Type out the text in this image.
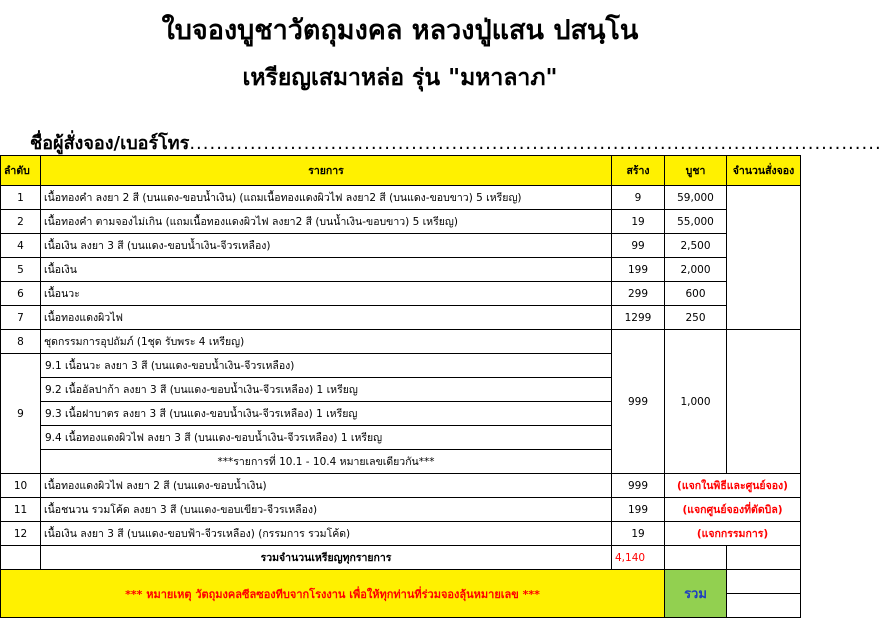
ใบจองบูชาวัตถุมงคล หลวงปู่แสน ปสนฺโน
เหรียญเสมาหล่อ รุ่น "มหาลาภ"
ชื่อผู้สั่งจอง/เบอร์โทร.......................................................................................................
ลำดับ	รายการ	สร้าง	บูชา	จำนวนสั่งจอง
1	เนื้อทองคำ ลงยา 2 สี (บนแดง-ขอบน้ำเงิน) (แถมเนื้อทองแดงผิวไฟ ลงยา2 สี (บนแดง-ขอบขาว) 5 เหรียญ)	9	59,000	
2	เนื้อทองคำ ตามจองไม่เกิน (แถมเนื้อทองแดงผิวไฟ ลงยา2 สี (บนน้ำเงิน-ขอบขาว) 5 เหรียญ)	19	55,000	
4	เนื้อเงิน ลงยา 3 สี (บนแดง-ขอบน้ำเงิน-จีวรเหลือง)	99	2,500	
5	เนื้อเงิน	199	2,000	
6	เนื้อนวะ	299	600	
7	เนื้อทองแดงผิวไฟ	1299	250	
8	ชุดกรรมการอุปถัมภ์ (1ชุด รับพระ 4 เหรียญ)	999	1,000	
9	9.1 เนื้อนวะ ลงยา 3 สี (บนแดง-ขอบน้ำเงิน-จีวรเหลือง)			
	9.2 เนื้ออัลปาก้า ลงยา 3 สี (บนแดง-ขอบน้ำเงิน-จีวรเหลือง) 1 เหรียญ			
	9.3 เนื้อฝาบาตร ลงยา 3 สี (บนแดง-ขอบน้ำเงิน-จีวรเหลือง) 1 เหรียญ			
	9.4 เนื้อทองแดงผิวไฟ ลงยา 3 สี (บนแดง-ขอบน้ำเงิน-จีวรเหลือง) 1 เหรียญ			
	***รายการที่ 10.1 - 10.4 หมายเลขเดียวกัน***			
10	เนื้อทองแดงผิวไฟ ลงยา 2 สี (บนแดง-ขอบน้ำเงิน)	999	(แจกในพิธีและศูนย์จอง)	
11	เนื้อชนวน รวมโค้ด ลงยา 3 สี (บนแดง-ขอบเขียว-จีวรเหลือง)	199	(แจกศูนย์จองที่ตัดบิล)	
12	เนื้อเงิน ลงยา 3 สี (บนแดง-ขอบฟ้า-จีวรเหลือง) (กรรมการ รวมโค้ด)	19	(แจกกรรมการ)	
	รวมจำนวนเหรียญทุกรายการ	4,140		
*** หมายเหตุ วัตถุมงคลซีลซองทีบจากโรงงาน เพื่อให้ทุกท่านที่ร่วมจองลุ้นหมายเลข ***			รวม	
